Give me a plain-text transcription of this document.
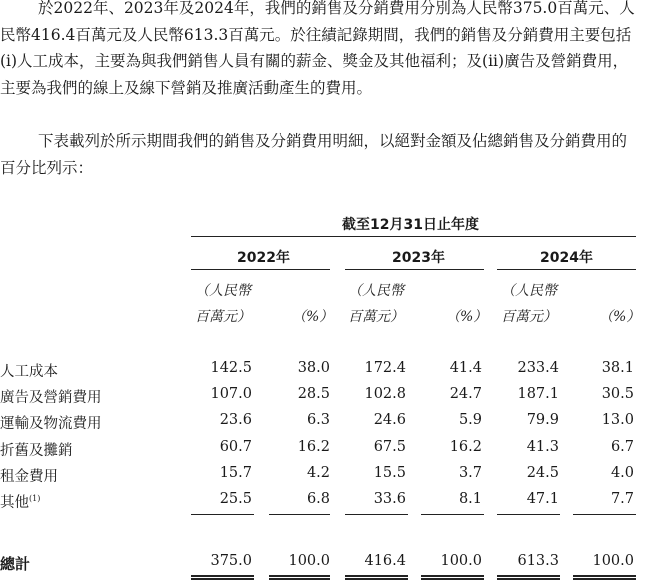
於2022年、2023年及2024年，我們的銷售及分銷費用分別為人民幣375.0百萬元、人民幣416.4百萬元及人民幣613.3百萬元。於往績記錄期間，我們的銷售及分銷費用主要包括(i)人工成本，主要為與我們銷售人員有關的薪金、獎金及其他福利；及(ii)廣告及營銷費用，主要為我們的線上及線下營銷及推廣活動產生的費用。

下表載列於所示期間我們的銷售及分銷費用明細，以絕對金額及佔總銷售及分銷費用的百分比列示：

截至12月31日止年度
2022年	2023年	2024年
（人民幣
百萬元）	（%）
（人民幣
百萬元）	（%）
（人民幣
百萬元）	（%）
人工成本	142.5	38.0	172.4	41.4	233.4	38.1
廣告及營銷費用	107.0	28.5	102.8	24.7	187.1	30.5
運輸及物流費用	23.6	6.3	24.6	5.9	79.9	13.0
折舊及攤銷	60.7	16.2	67.5	16.2	41.3	6.7
租金費用	15.7	4.2	15.5	3.7	24.5	4.0
其他$^{(1)}$	25.5	6.8	33.6	8.1	47.1	7.7
總計	375.0	100.0	416.4	100.0	613.3	100.0
